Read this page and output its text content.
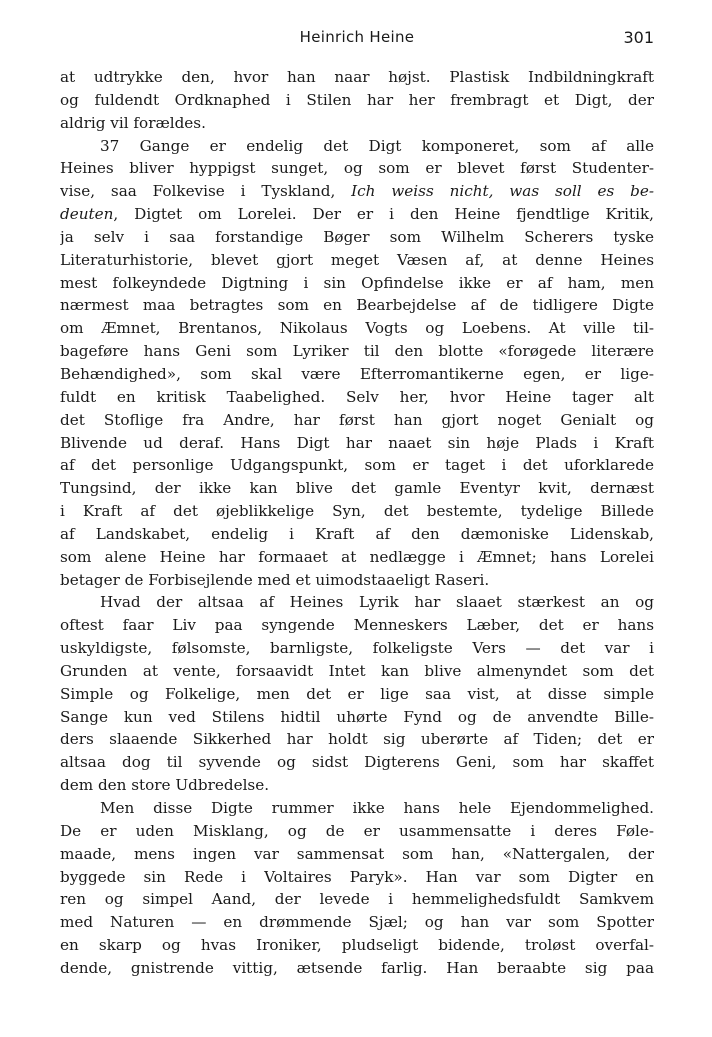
Heinrich Heine	301
at udtrykke den, hvor han naar højst. Plastisk Indbildningkraft
og fuldendt Ordknaphed i Stilen har her frembragt et Digt, der
aldrig vil forældes.
37 Gange er endelig det Digt komponeret, som af alle
Heines bliver hyppigst sunget, og som er blevet først Studenter-
vise, saa Folkevise i Tyskland, Ich weiss nicht, was soll es be-
deuten, Digtet om Lorelei. Der er i den Heine fjendtlige Kritik,
ja selv i saa forstandige Bøger som Wilhelm Scherers tyske
Literaturhistorie, blevet gjort meget Væsen af, at denne Heines
mest folkeyndede Digtning i sin Opfindelse ikke er af ham, men
nærmest maa betragtes som en Bearbejdelse af de tidligere Digte
om Æmnet, Brentanos, Nikolaus Vogts og Loebens. At ville til-
bageføre hans Geni som Lyriker til den blotte «forøgede literære
Behændighed», som skal være Efterromantikerne egen, er lige-
fuldt en kritisk Taabelighed. Selv her, hvor Heine tager alt
det Stoflige fra Andre, har først han gjort noget Genialt og
Blivende ud deraf. Hans Digt har naaet sin høje Plads i Kraft
af det personlige Udgangspunkt, som er taget i det uforklarede
Tungsind, der ikke kan blive det gamle Eventyr kvit, dernæst
i Kraft af det øjeblikkelige Syn, det bestemte, tydelige Billede
af Landskabet, endelig i Kraft af den dæmoniske Lidenskab,
som alene Heine har formaaet at nedlægge i Æmnet; hans Lorelei
betager de Forbisejlende med et uimodstaaeligt Raseri.
Hvad der altsaa af Heines Lyrik har slaaet stærkest an og
oftest faar Liv paa syngende Menneskers Læber, det er hans
uskyldigste, følsomste, barnligste, folkeligste Vers — det var i
Grunden at vente, forsaavidt Intet kan blive almenyndet som det
Simple og Folkelige, men det er lige saa vist, at disse simple
Sange kun ved Stilens hidtil uhørte Fynd og de anvendte Bille-
ders slaaende Sikkerhed har holdt sig uberørte af Tiden; det er
altsaa dog til syvende og sidst Digterens Geni, som har skaffet
dem den store Udbredelse.
Men disse Digte rummer ikke hans hele Ejendommelighed.
De er uden Misklang, og de er usammensatte i deres Føle-
maade, mens ingen var sammensat som han, «Nattergalen, der
byggede sin Rede i Voltaires Paryk». Han var som Digter en
ren og simpel Aand, der levede i hemmelighedsfuldt Samkvem
med Naturen — en drømmende Sjæl; og han var som Spotter
en skarp og hvas Ironiker, pludseligt bidende, troløst overfal-
dende, gnistrende vittig, ætsende farlig. Han beraabte sig paa
